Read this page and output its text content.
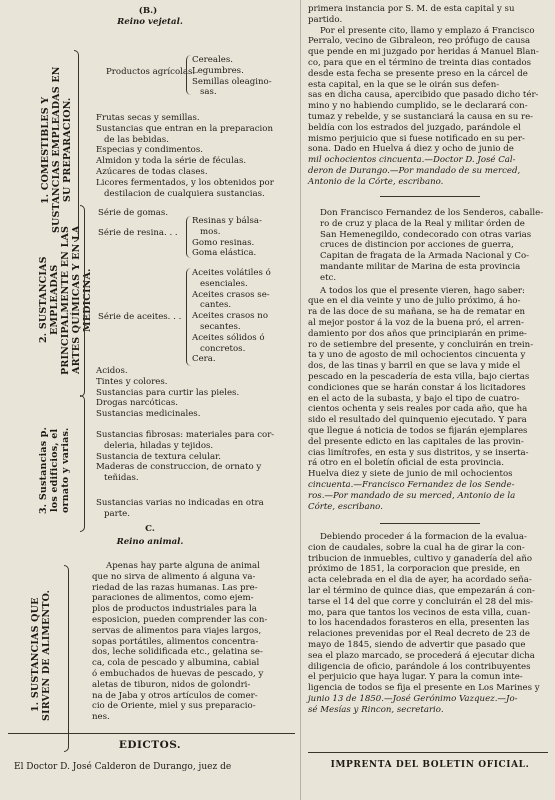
(B.)
Reino vejetal.
1. COMESTIBLES Y SUSTANCIAS EMPLEADAS EN SU PREPARACION.
2. SUSTANCIAS EMPLEADAS PRINCIPALMENTE EN LAS ARTES QUÍMICAS Y EN LA MEDICINA.
3. Sustancias p. los edificios, el ornato y varias.
1. SUSTANCIAS QUE SIRVEN DE ALIMENTO.
Productos agrícolas.
Cereales.
Legumbres.
Semillas oleagino-
sas.
Frutas secas y semillas.
Sustancias que entran en la preparacion
de las bebidas.
Especias y condimentos.
Almidon y toda la série de féculas.
Azúcares de todas clases.
Licores fermentados, y los obtenidos por
destilacion de cualquiera sustancias.
Série de gomas.
Série de resina. . .
Resinas y bálsa-
mos.
Gomo resinas.
Goma elástica.
Série de aceites. . .
Aceites volátiles ó
esenciales.
Aceites crasos se-
cantes.
Aceites crasos no
secantes.
Aceites sólidos ó
concretos.
Cera.
Acidos.
Tintes y colores.
Sustancias para curtir las pieles.
Drogas narcóticas.
Sustancias medicinales.
Sustancias fibrosas: materiales para cor-
deleria, hiladas y tejidos.
Sustancia de textura celular.
Maderas de construccion, de ornato y
teñidas.
Sustancias varias no indicadas en otra
parte.
C.
Reino animal.
Apenas hay parte alguna de animal
que no sirva de alimento á alguna va-
riedad de las razas humanas. Las pre-
paraciones de alimentos, como ejem-
plos de productos industriales para la
esposicion, pueden comprender las con-
servas de alimentos para viajes largos,
sopas portátiles, alimentos concentra-
dos, leche solidificada etc., gelatina se-
ca, cola de pescado y albumina, cabial
ó embuchados de huevas de pescado, y
aletas de tiburon, nidos de golondri-
na de Jaba y otros artículos de comer-
cio de Oriente, miel y sus preparacio-
nes.
EDICTOS.
El Doctor D. José Calderon de Durango, juez de
primera instancia por S. M. de esta capital y su
partido.
Por el presente cito, llamo y emplazo á Francisco
Perralo, vecino de Gibraleon, reo prófugo de causa
que pende en mi juzgado por heridas á Manuel Blan-
co, para que en el término de treinta dias contados
desde esta fecha se presente preso en la cárcel de
esta capital, en la que se le oirán sus defen-
sas en dicha causa, apercibido que pasado dicho tér-
mino y no habiendo cumplido, se le declarará con-
tumaz y rebelde, y se sustanciará la causa en su re-
beldía con los estrados del juzgado, parándole el
mismo perjuicio que si fuese notificado en su per-
sona. Dado en Huelva á diez y ocho de junio de
mil ochocientos cincuenta.—Doctor D. José Cal-
deron de Durango.—Por mandado de su merced,
Antonio de la Córte, escribano.
Don Francisco Fernandez de los Senderos, caballe-
ro de cruz y placa de la Real y militar órden de
San Hemenegildo, condecorado con otras varias
cruces de distincion por acciones de guerra,
Capitan de fragata de la Armada Nacional y Co-
mandante militar de Marina de esta provincia
etc.
A todos los que el presente vieren, hago saber:
que en el dia veinte y uno de julio próximo, á ho-
ra de las doce de su mañana, se ha de rematar en
al mejor postor á la voz de la buena pró, el arren-
damiento por dos años que principiarán en prime-
ro de setiembre del presente, y concluirán en trein-
ta y uno de agosto de mil ochocientos cincuenta y
dos, de las tinas y barril en que se lava y mide el
pescado en la pescadería de esta villa, bajo ciertas
condiciones que se harán constar á los licitadores
en el acto de la subasta, y bajo el tipo de cuatro-
cientos ochenta y seis reales por cada año, que ha
sido el resultado del quinquenio ejecutado. Y para
que llegue á noticia de todos se fijarán ejemplares
del presente edicto en las capitales de las provin-
cias limítrofes, en esta y sus distritos, y se inserta-
rá otro en el boletín oficial de esta provincia.
Huelva diez y siete de junio de mil ochocientos
cincuenta.—Francisco Fernandez de los Sende-
ros.—Por mandado de su merced, Antonio de la
Córte, escribano.
Debiendo proceder á la formacion de la evalua-
cion de caudales, sobre la cual ha de girar la con-
tribucion de inmuebles, cultivo y ganadería del año
próximo de 1851, la corporacion que preside, en
acta celebrada en el dia de ayer, ha acordado seña-
lar el término de quince dias, que empezarán á con-
tarse el 14 del que corre y concluirán el 28 del mis-
mo, para que tantos los vecinos de esta villa, cuan-
to los hacendados forasteros en ella, presenten las
relaciones prevenidas por el Real decreto de 23 de
mayo de 1845, siendo de advertir que pasado que
sea el plazo marcado, se procederá á ejecutar dicha
diligencia de oficio, parándole á los contribuyentes
el perjuicio que haya lugar. Y para la comun inte-
ligencia de todos se fija el presente en Los Marines y
junio 13 de 1850.—José Gerónimo Vazquez.—Jo-
sé Mesías y Rincon, secretario.
IMPRENTA DEL BOLETIN OFICIAL.
